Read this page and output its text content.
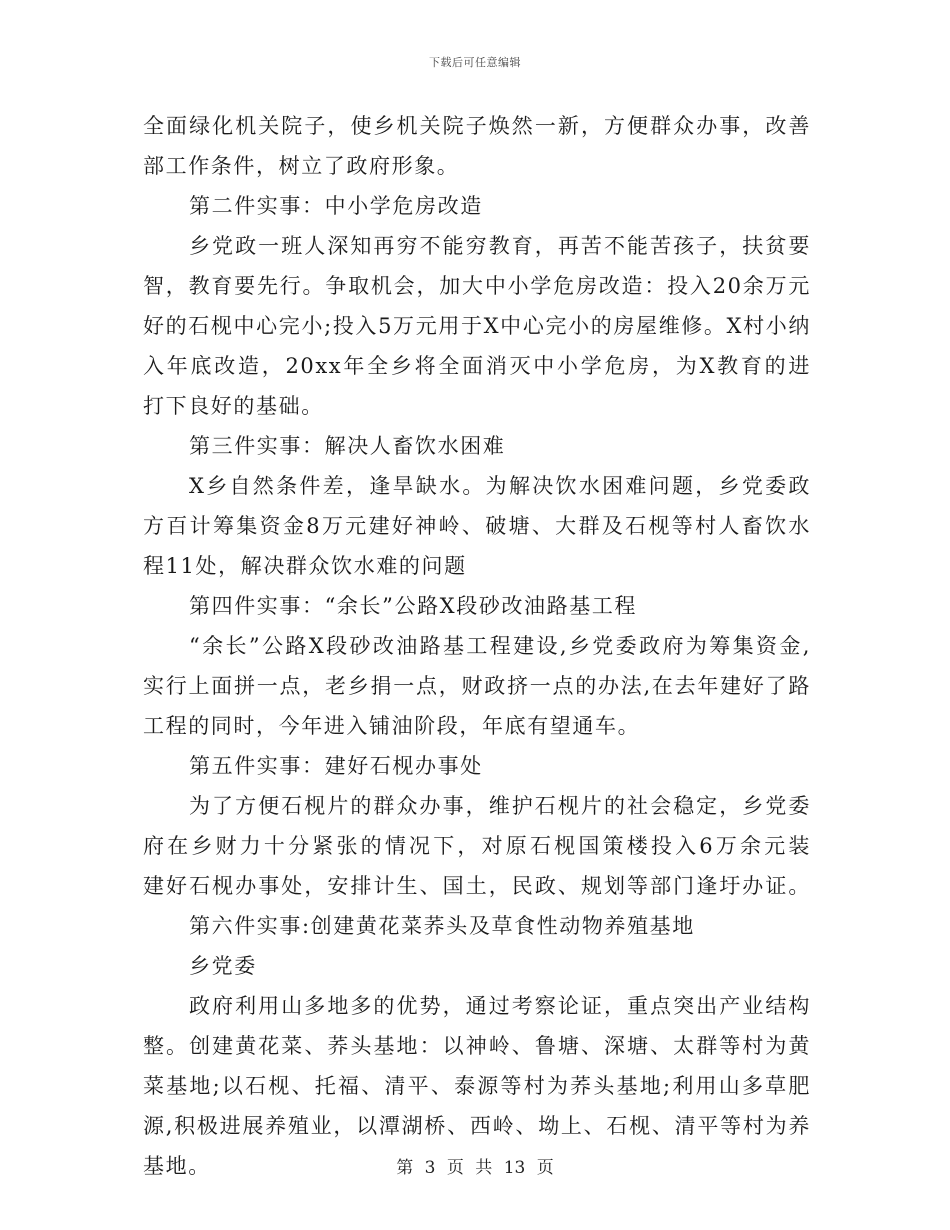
下载后可任意编辑
全面绿化机关院子，使乡机关院子焕然一新，方便群众办事，改善
部工作条件，树立了政府形象。
第二件实事：中小学危房改造
乡党政一班人深知再穷不能穷教育，再苦不能苦孩子，扶贫要
智，教育要先行。争取机会，加大中小学危房改造：投入20余万元
好的石枧中心完小;投入5万元用于X中心完小的房屋维修。X村小纳
入年底改造，20xx年全乡将全面消灭中小学危房，为X教育的进
打下良好的基础。
第三件实事：解决人畜饮水困难
X乡自然条件差，逢旱缺水。为解决饮水困难问题，乡党委政
方百计筹集资金8万元建好神岭、破塘、大群及石枧等村人畜饮水
程11处，解决群众饮水难的问题
第四件实事：“余长”公路X段砂改油路基工程
“余长”公路X段砂改油路基工程建设,乡党委政府为筹集资金,
实行上面拼一点，老乡捐一点，财政挤一点的办法,在去年建好了路
工程的同时，今年进入铺油阶段，年底有望通车。
第五件实事：建好石枧办事处
为了方便石枧片的群众办事，维护石枧片的社会稳定，乡党委
府在乡财力十分紧张的情况下，对原石枧国策楼投入6万余元装
建好石枧办事处，安排计生、国土，民政、规划等部门逢圩办证。
第六件实事:创建黄花菜荞头及草食性动物养殖基地
乡党委
政府利用山多地多的优势，通过考察论证，重点突出产业结构
整。创建黄花菜、荞头基地：以神岭、鲁塘、深塘、太群等村为黄
菜基地;以石枧、托福、清平、泰源等村为荞头基地;利用山多草肥
源,积极进展养殖业，以潭湖桥、西岭、坳上、石枧、清平等村为养
基地。	第 3 页 共 13 页
